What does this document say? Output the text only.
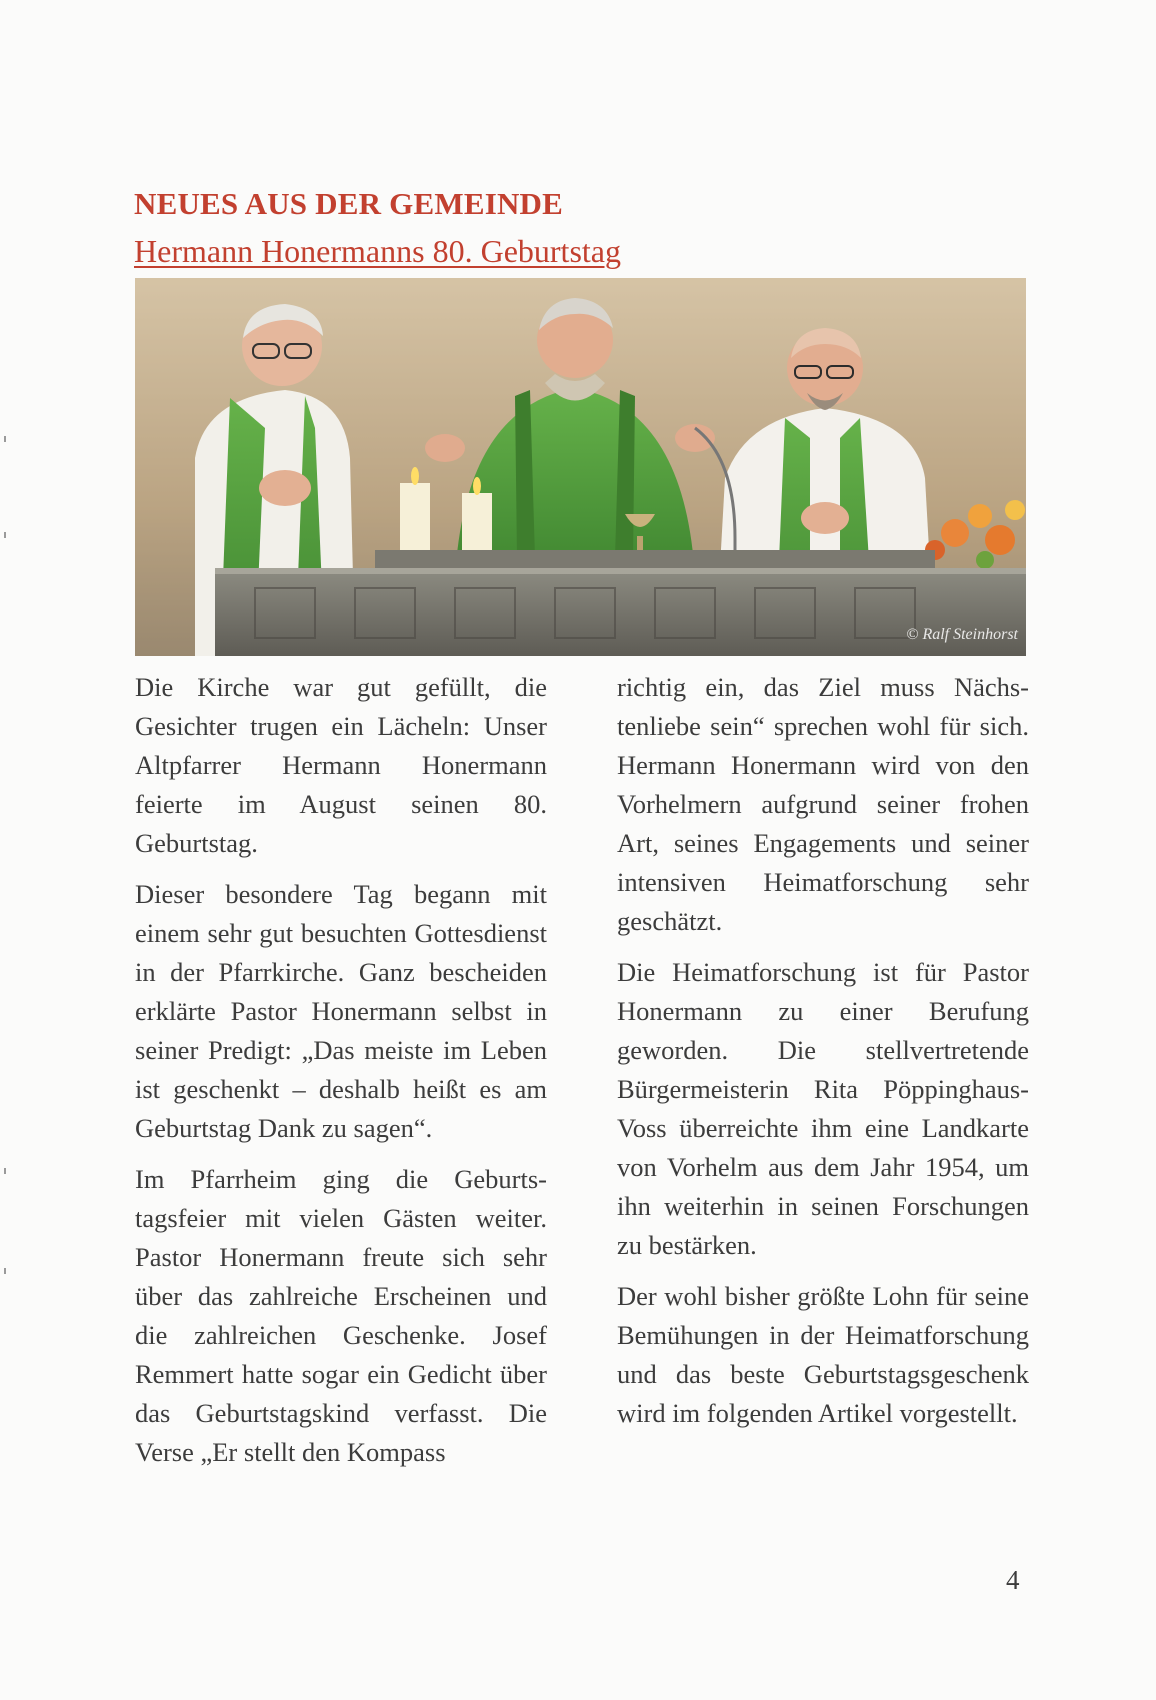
NEUES AUS DER GEMEINDE
Hermann Honermanns 80. Geburtstag
© Ralf Steinhorst

Die Kirche war gut gefüllt, die Gesichter trugen ein Lächeln: Unser Altpfarrer Hermann Honermann feierte im August seinen 80. Geburtstag.

Dieser besondere Tag begann mit einem sehr gut besuchten Gottesdienst in der Pfarrkirche. Ganz bescheiden erklärte Pastor Honermann selbst in seiner Predigt: „Das meiste im Leben ist geschenkt – deshalb heißt es am Geburtstag Dank zu sagen“.

Im Pfarrheim ging die Geburtstagsfeier mit vielen Gästen weiter. Pastor Honermann freute sich sehr über das zahlreiche Erscheinen und die zahlreichen Geschenke. Josef Remmert hatte sogar ein Gedicht über das Geburtstagskind verfasst. Die Verse „Er stellt den Kompass

richtig ein, das Ziel muss Nächstenliebe sein“ sprechen wohl für sich. Hermann Honermann wird von den Vorhelmern aufgrund seiner frohen Art, seines Engagements und seiner intensiven Heimatforschung sehr geschätzt.

Die Heimatforschung ist für Pastor Honermann zu einer Berufung geworden. Die stellvertretende Bürgermeisterin Rita Pöppinghaus-Voss überreichte ihm eine Landkarte von Vorhelm aus dem Jahr 1954, um ihn weiterhin in seinen Forschungen zu bestärken.

Der wohl bisher größte Lohn für seine Bemühungen in der Heimatforschung und das beste Geburtstagsgeschenk wird im folgenden Artikel vorgestellt.

4
